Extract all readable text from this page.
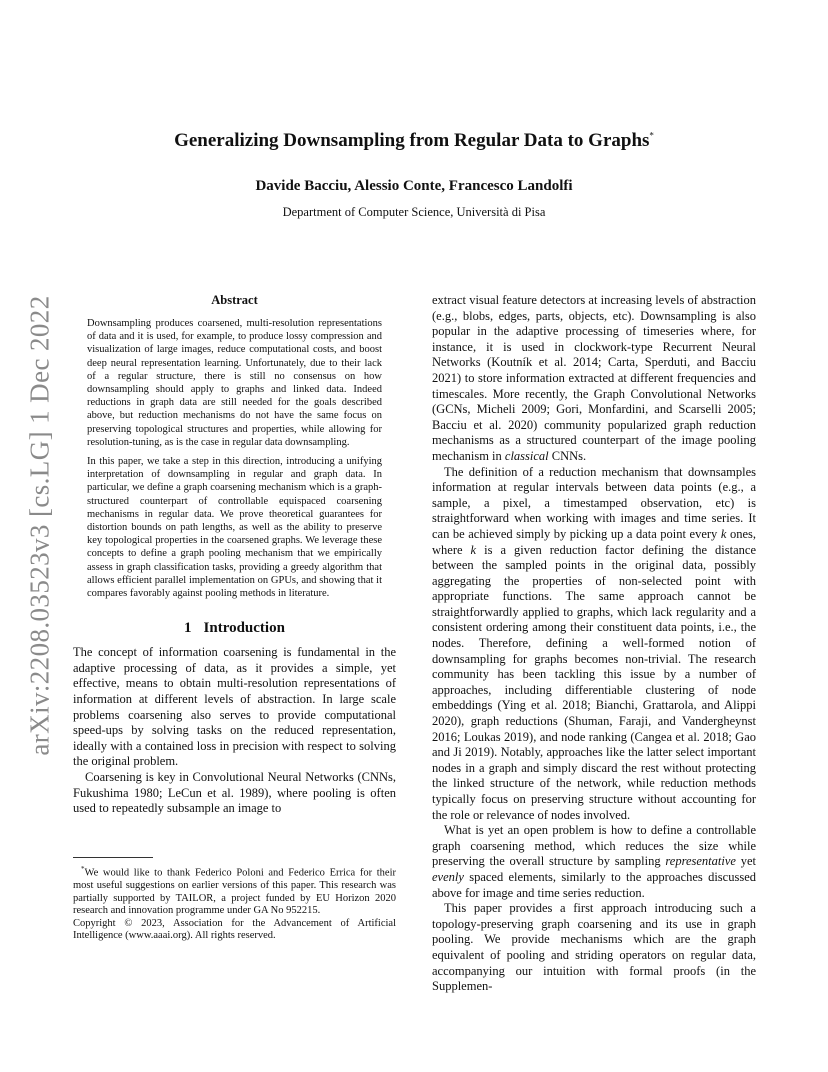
arXiv:2208.03523v3 [cs.LG] 1 Dec 2022
Generalizing Downsampling from Regular Data to Graphs*
Davide Bacciu, Alessio Conte, Francesco Landolfi
Department of Computer Science, Università di Pisa
Abstract

Downsampling produces coarsened, multi-resolution representations of data and it is used, for example, to produce lossy compression and visualization of large images, reduce computational costs, and boost deep neural representation learning. Unfortunately, due to their lack of a regular structure, there is still no consensus on how downsampling should apply to graphs and linked data. Indeed reductions in graph data are still needed for the goals described above, but reduction mechanisms do not have the same focus on preserving topological structures and properties, while allowing for resolution-tuning, as is the case in regular data downsampling.

In this paper, we take a step in this direction, introducing a unifying interpretation of downsampling in regular and graph data. In particular, we define a graph coarsening mechanism which is a graph-structured counterpart of controllable equispaced coarsening mechanisms in regular data. We prove theoretical guarantees for distortion bounds on path lengths, as well as the ability to preserve key topological properties in the coarsened graphs. We leverage these concepts to define a graph pooling mechanism that we empirically assess in graph classification tasks, providing a greedy algorithm that allows efficient parallel implementation on GPUs, and showing that it compares favorably against pooling methods in literature.

1 Introduction

The concept of information coarsening is fundamental in the adaptive processing of data, as it provides a simple, yet effective, means to obtain multi-resolution representations of information at different levels of abstraction. In large scale problems coarsening also serves to provide computational speed-ups by solving tasks on the reduced representation, ideally with a contained loss in precision with respect to solving the original problem.

Coarsening is key in Convolutional Neural Networks (CNNs, Fukushima 1980; LeCun et al. 1989), where pooling is often used to repeatedly subsample an image to

extract visual feature detectors at increasing levels of abstraction (e.g., blobs, edges, parts, objects, etc). Downsampling is also popular in the adaptive processing of timeseries where, for instance, it is used in clockwork-type Recurrent Neural Networks (Koutník et al. 2014; Carta, Sperduti, and Bacciu 2021) to store information extracted at different frequencies and timescales. More recently, the Graph Convolutional Networks (GCNs, Micheli 2009; Gori, Monfardini, and Scarselli 2005; Bacciu et al. 2020) community popularized graph reduction mechanisms as a structured counterpart of the image pooling mechanism in classical CNNs.

The definition of a reduction mechanism that downsamples information at regular intervals between data points (e.g., a sample, a pixel, a timestamped observation, etc) is straightforward when working with images and time series. It can be achieved simply by picking up a data point every k ones, where k is a given reduction factor defining the distance between the sampled points in the original data, possibly aggregating the properties of non-selected point with appropriate functions. The same approach cannot be straightforwardly applied to graphs, which lack regularity and a consistent ordering among their constituent data points, i.e., the nodes. Therefore, defining a well-formed notion of downsampling for graphs becomes non-trivial. The research community has been tackling this issue by a number of approaches, including differentiable clustering of node embeddings (Ying et al. 2018; Bianchi, Grattarola, and Alippi 2020), graph reductions (Shuman, Faraji, and Vandergheynst 2016; Loukas 2019), and node ranking (Cangea et al. 2018; Gao and Ji 2019). Notably, approaches like the latter select important nodes in a graph and simply discard the rest without protecting the linked structure of the network, while reduction methods typically focus on preserving structure without accounting for the role or relevance of nodes involved.

What is yet an open problem is how to define a controllable graph coarsening method, which reduces the size while preserving the overall structure by sampling representative yet evenly spaced elements, similarly to the approaches discussed above for image and time series reduction.

This paper provides a first approach introducing such a topology-preserving graph coarsening and its use in graph pooling. We provide mechanisms which are the graph equivalent of pooling and striding operators on regular data, accompanying our intuition with formal proofs (in the Supplemen-

*We would like to thank Federico Poloni and Federico Errica for their most useful suggestions on earlier versions of this paper. This research was partially supported by TAILOR, a project funded by EU Horizon 2020 research and innovation programme under GA No 952215.

Copyright © 2023, Association for the Advancement of Artificial Intelligence (www.aaai.org). All rights reserved.
